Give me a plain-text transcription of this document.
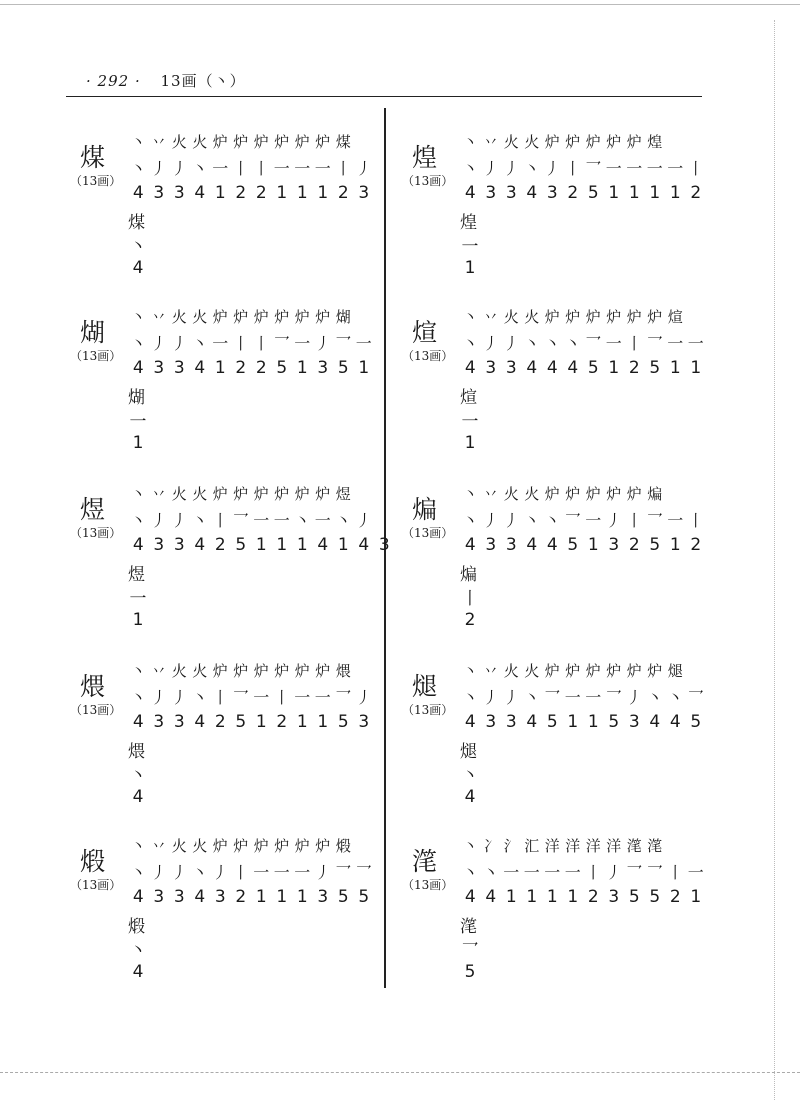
· 292 · 13画（丶）
煤
（13画）
丶 丷 火 火 炉 炉 炉 炉 炉 炉 煤
丶 丿 丿 丶 一 丨 丨 一 一 一 丨 丿
4 3 3 4 1 2 2 1 1 1 2 3
煤
丶
4
煳
（13画）
丶 丷 火 火 炉 炉 炉 炉 炉 炉 煳
丶 丿 丿 丶 一 丨 丨 乛 一 丿 乛 一
4 3 3 4 1 2 2 5 1 3 5 1
煳
一
1
煜
（13画）
丶 丷 火 火 炉 炉 炉 炉 炉 炉 煜
丶 丿 丿 丶 丨 乛 一 一 丶 一 丶 丿
4 3 3 4 2 5 1 1 1 4 1 4 3
煜
一
1
煨
（13画）
丶 丷 火 火 炉 炉 炉 炉 炉 炉 煨
丶 丿 丿 丶 丨 乛 一 丨 一 一 乛 丿
4 3 3 4 2 5 1 2 1 1 5 3
煨
丶
4
煅
（13画）
丶 丷 火 火 炉 炉 炉 炉 炉 炉 煅
丶 丿 丿 丶 丿 丨 一 一 一 丿 乛 乛
4 3 3 4 3 2 1 1 1 3 5 5
煅
丶
4
煌
（13画）
丶 丷 火 火 炉 炉 炉 炉 炉 煌
丶 丿 丿 丶 丿 丨 乛 一 一 一 一 丨
4 3 3 4 3 2 5 1 1 1 1 2
煌
一
1
煊
（13画）
丶 丷 火 火 炉 炉 炉 炉 炉 炉 煊
丶 丿 丿 丶 丶 丶 乛 一 丨 乛 一 一
4 3 3 4 4 4 5 1 2 5 1 1
煊
一
1
煸
（13画）
丶 丷 火 火 炉 炉 炉 炉 炉 煸
丶 丿 丿 丶 丶 乛 一 丿 丨 乛 一 丨
4 3 3 4 4 5 1 3 2 5 1 2
煸
丨
2
煺
（13画）
丶 丷 火 火 炉 炉 炉 炉 炉 炉 煺
丶 丿 丿 丶 乛 一 一 乛 丿 丶 丶 乛
4 3 3 4 5 1 1 5 3 4 4 5
煺
丶
4
滗
（13画）
丶 冫 氵 汇 洋 洋 洋 洋 滗 滗
丶 丶 一 一 一 一 丨 丿 乛 乛 丨 一
4 4 1 1 1 1 2 3 5 5 2 1
滗
乛
5
